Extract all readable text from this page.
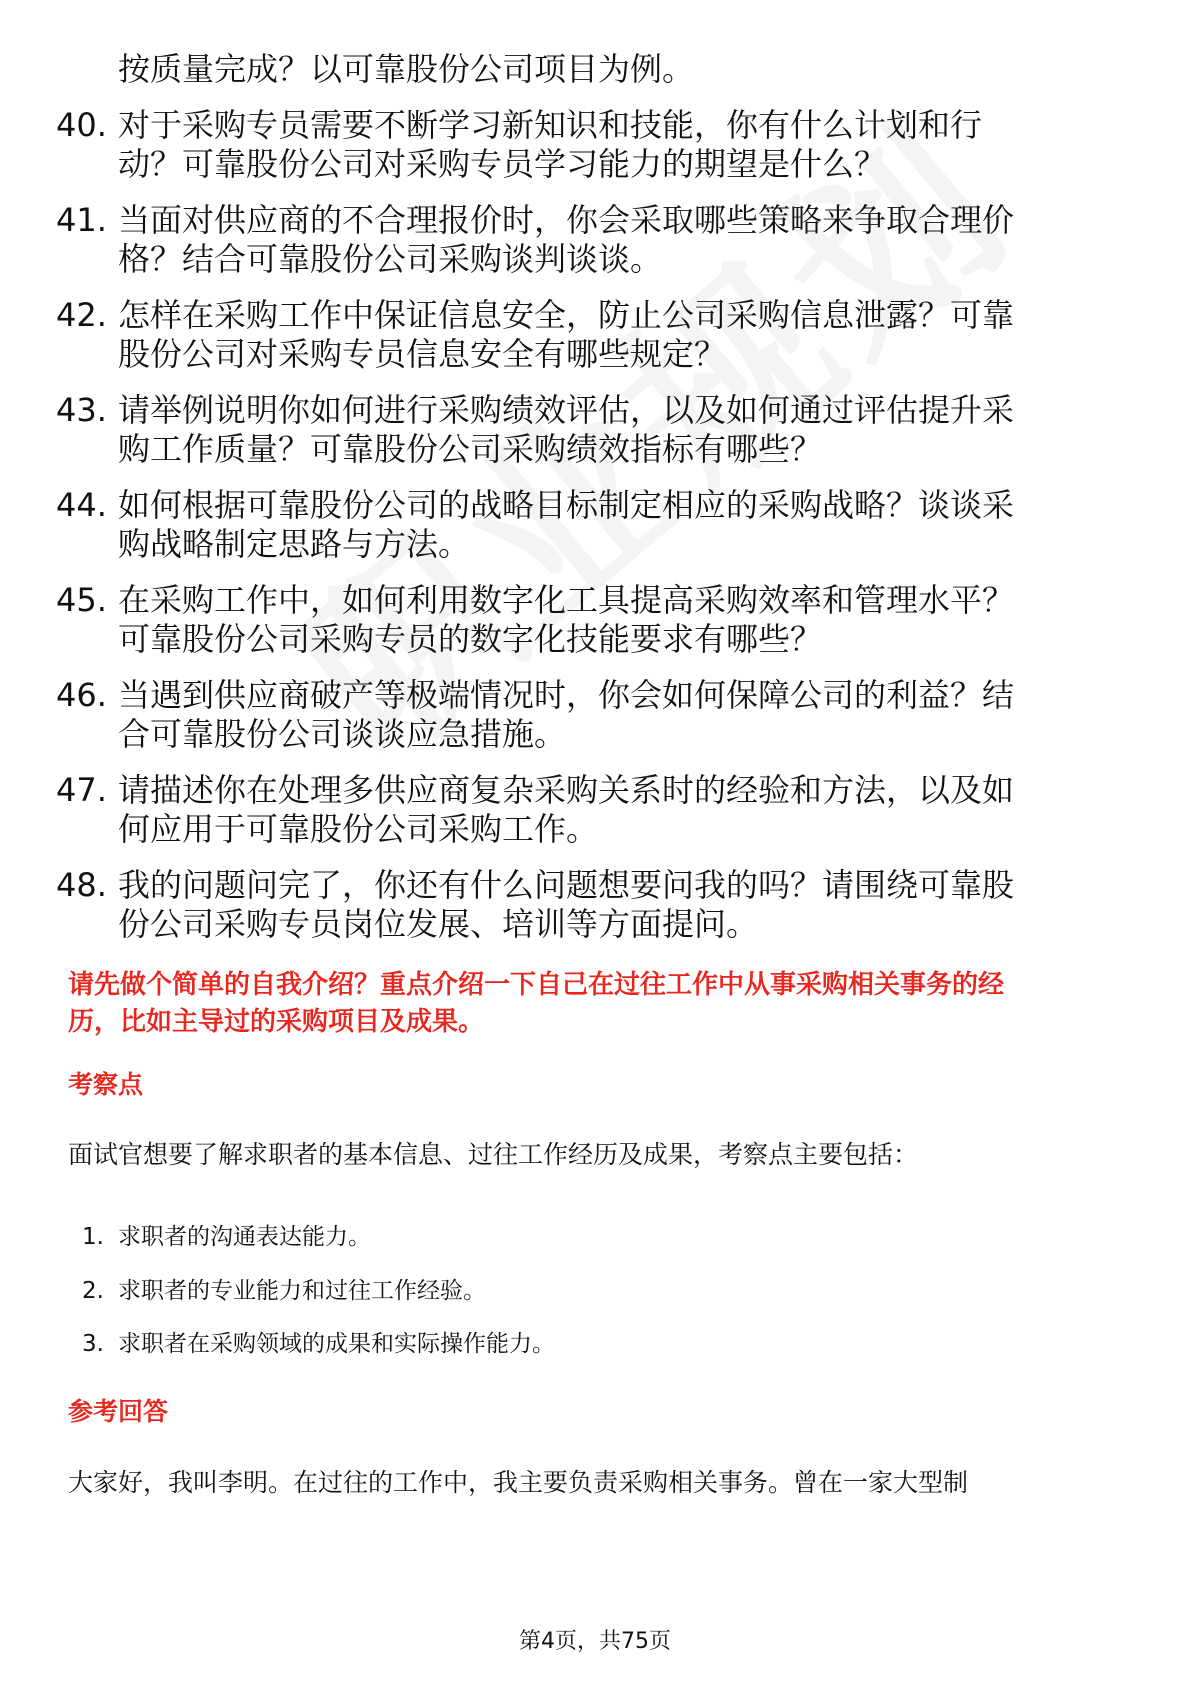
按质量完成？以可靠股份公司项目为例。
40. 对于采购专员需要不断学习新知识和技能，你有什么计划和行
动？可靠股份公司对采购专员学习能力的期望是什么？
41. 当面对供应商的不合理报价时，你会采取哪些策略来争取合理价
格？结合可靠股份公司采购谈判谈谈。
42. 怎样在采购工作中保证信息安全，防止公司采购信息泄露？可靠
股份公司对采购专员信息安全有哪些规定？
43. 请举例说明你如何进行采购绩效评估，以及如何通过评估提升采
购工作质量？可靠股份公司采购绩效指标有哪些？
44. 如何根据可靠股份公司的战略目标制定相应的采购战略？谈谈采
购战略制定思路与方法。
45. 在采购工作中，如何利用数字化工具提高采购效率和管理水平？
可靠股份公司采购专员的数字化技能要求有哪些？
46. 当遇到供应商破产等极端情况时，你会如何保障公司的利益？结
合可靠股份公司谈谈应急措施。
47. 请描述你在处理多供应商复杂采购关系时的经验和方法，以及如
何应用于可靠股份公司采购工作。
48. 我的问题问完了，你还有什么问题想要问我的吗？请围绕可靠股
份公司采购专员岗位发展、培训等方面提问。
请先做个简单的自我介绍？重点介绍一下自己在过往工作中从事采购相关事务的经
历，比如主导过的采购项目及成果。
考察点
面试官想要了解求职者的基本信息、过往工作经历及成果，考察点主要包括：
1. 求职者的沟通表达能力。
2. 求职者的专业能力和过往工作经验。
3. 求职者在采购领域的成果和实际操作能力。
参考回答
大家好，我叫李明。在过往的工作中，我主要负责采购相关事务。曾在一家大型制
第4页，共75页
